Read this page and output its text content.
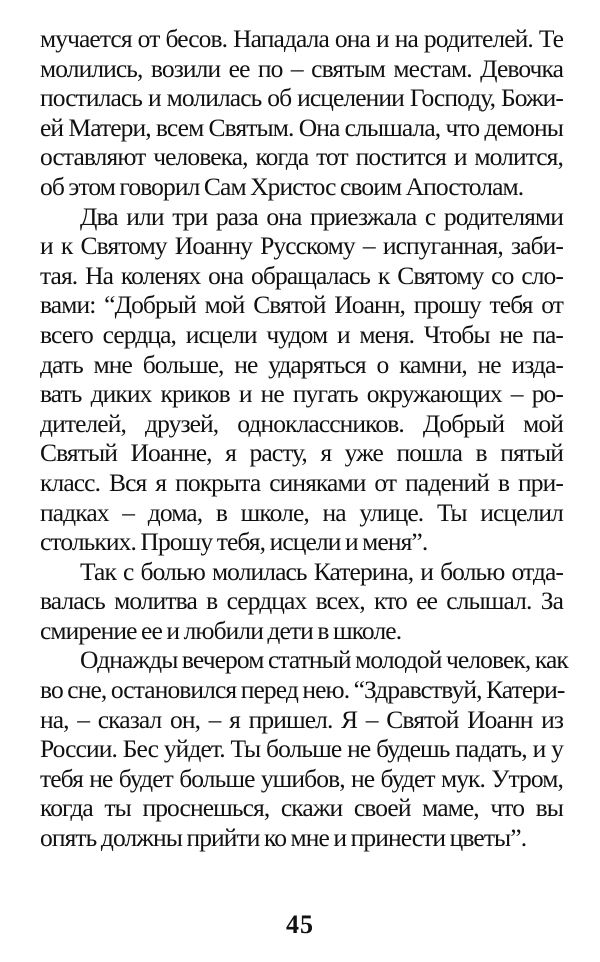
мучается от бесов. Нападала она и на родителей. Те
молились, возили ее по – святым местам. Девочка
постилась и молилась об исцелении Господу, Божи-
ей Матери, всем Святым. Она слышала, что демоны
оставляют человека, когда тот постится и молится,
об этом говорил Сам Христос своим Апостолам.
Два или три раза она приезжала с родителями
и к Святому Иоанну Русскому – испуганная, заби-
тая. На коленях она обращалась к Святому со сло-
вами: “Добрый мой Святой Иоанн, прошу тебя от
всего сердца, исцели чудом и меня. Чтобы не па-
дать мне больше, не ударяться о камни, не изда-
вать диких криков и не пугать окружающих – ро-
дителей, друзей, одноклассников. Добрый мой
Святый Иоанне, я расту, я уже пошла в пятый
класс. Вся я покрыта синяками от падений в при-
падках – дома, в школе, на улице. Ты исцелил
стольких. Прошу тебя, исцели и меня”.
Так с болью молилась Катерина, и болью отда-
валась молитва в сердцах всех, кто ее слышал. За
смирение ее и любили дети в школе.
Однажды вечером статный молодой человек, как
во сне, остановился перед нею. “Здравствуй, Катери-
на, – сказал он, – я пришел. Я – Святой Иоанн из
России. Бес уйдет. Ты больше не будешь падать, и у
тебя не будет больше ушибов, не будет мук. Утром,
когда ты проснешься, скажи своей маме, что вы
опять должны прийти ко мне и принести цветы”.
45
